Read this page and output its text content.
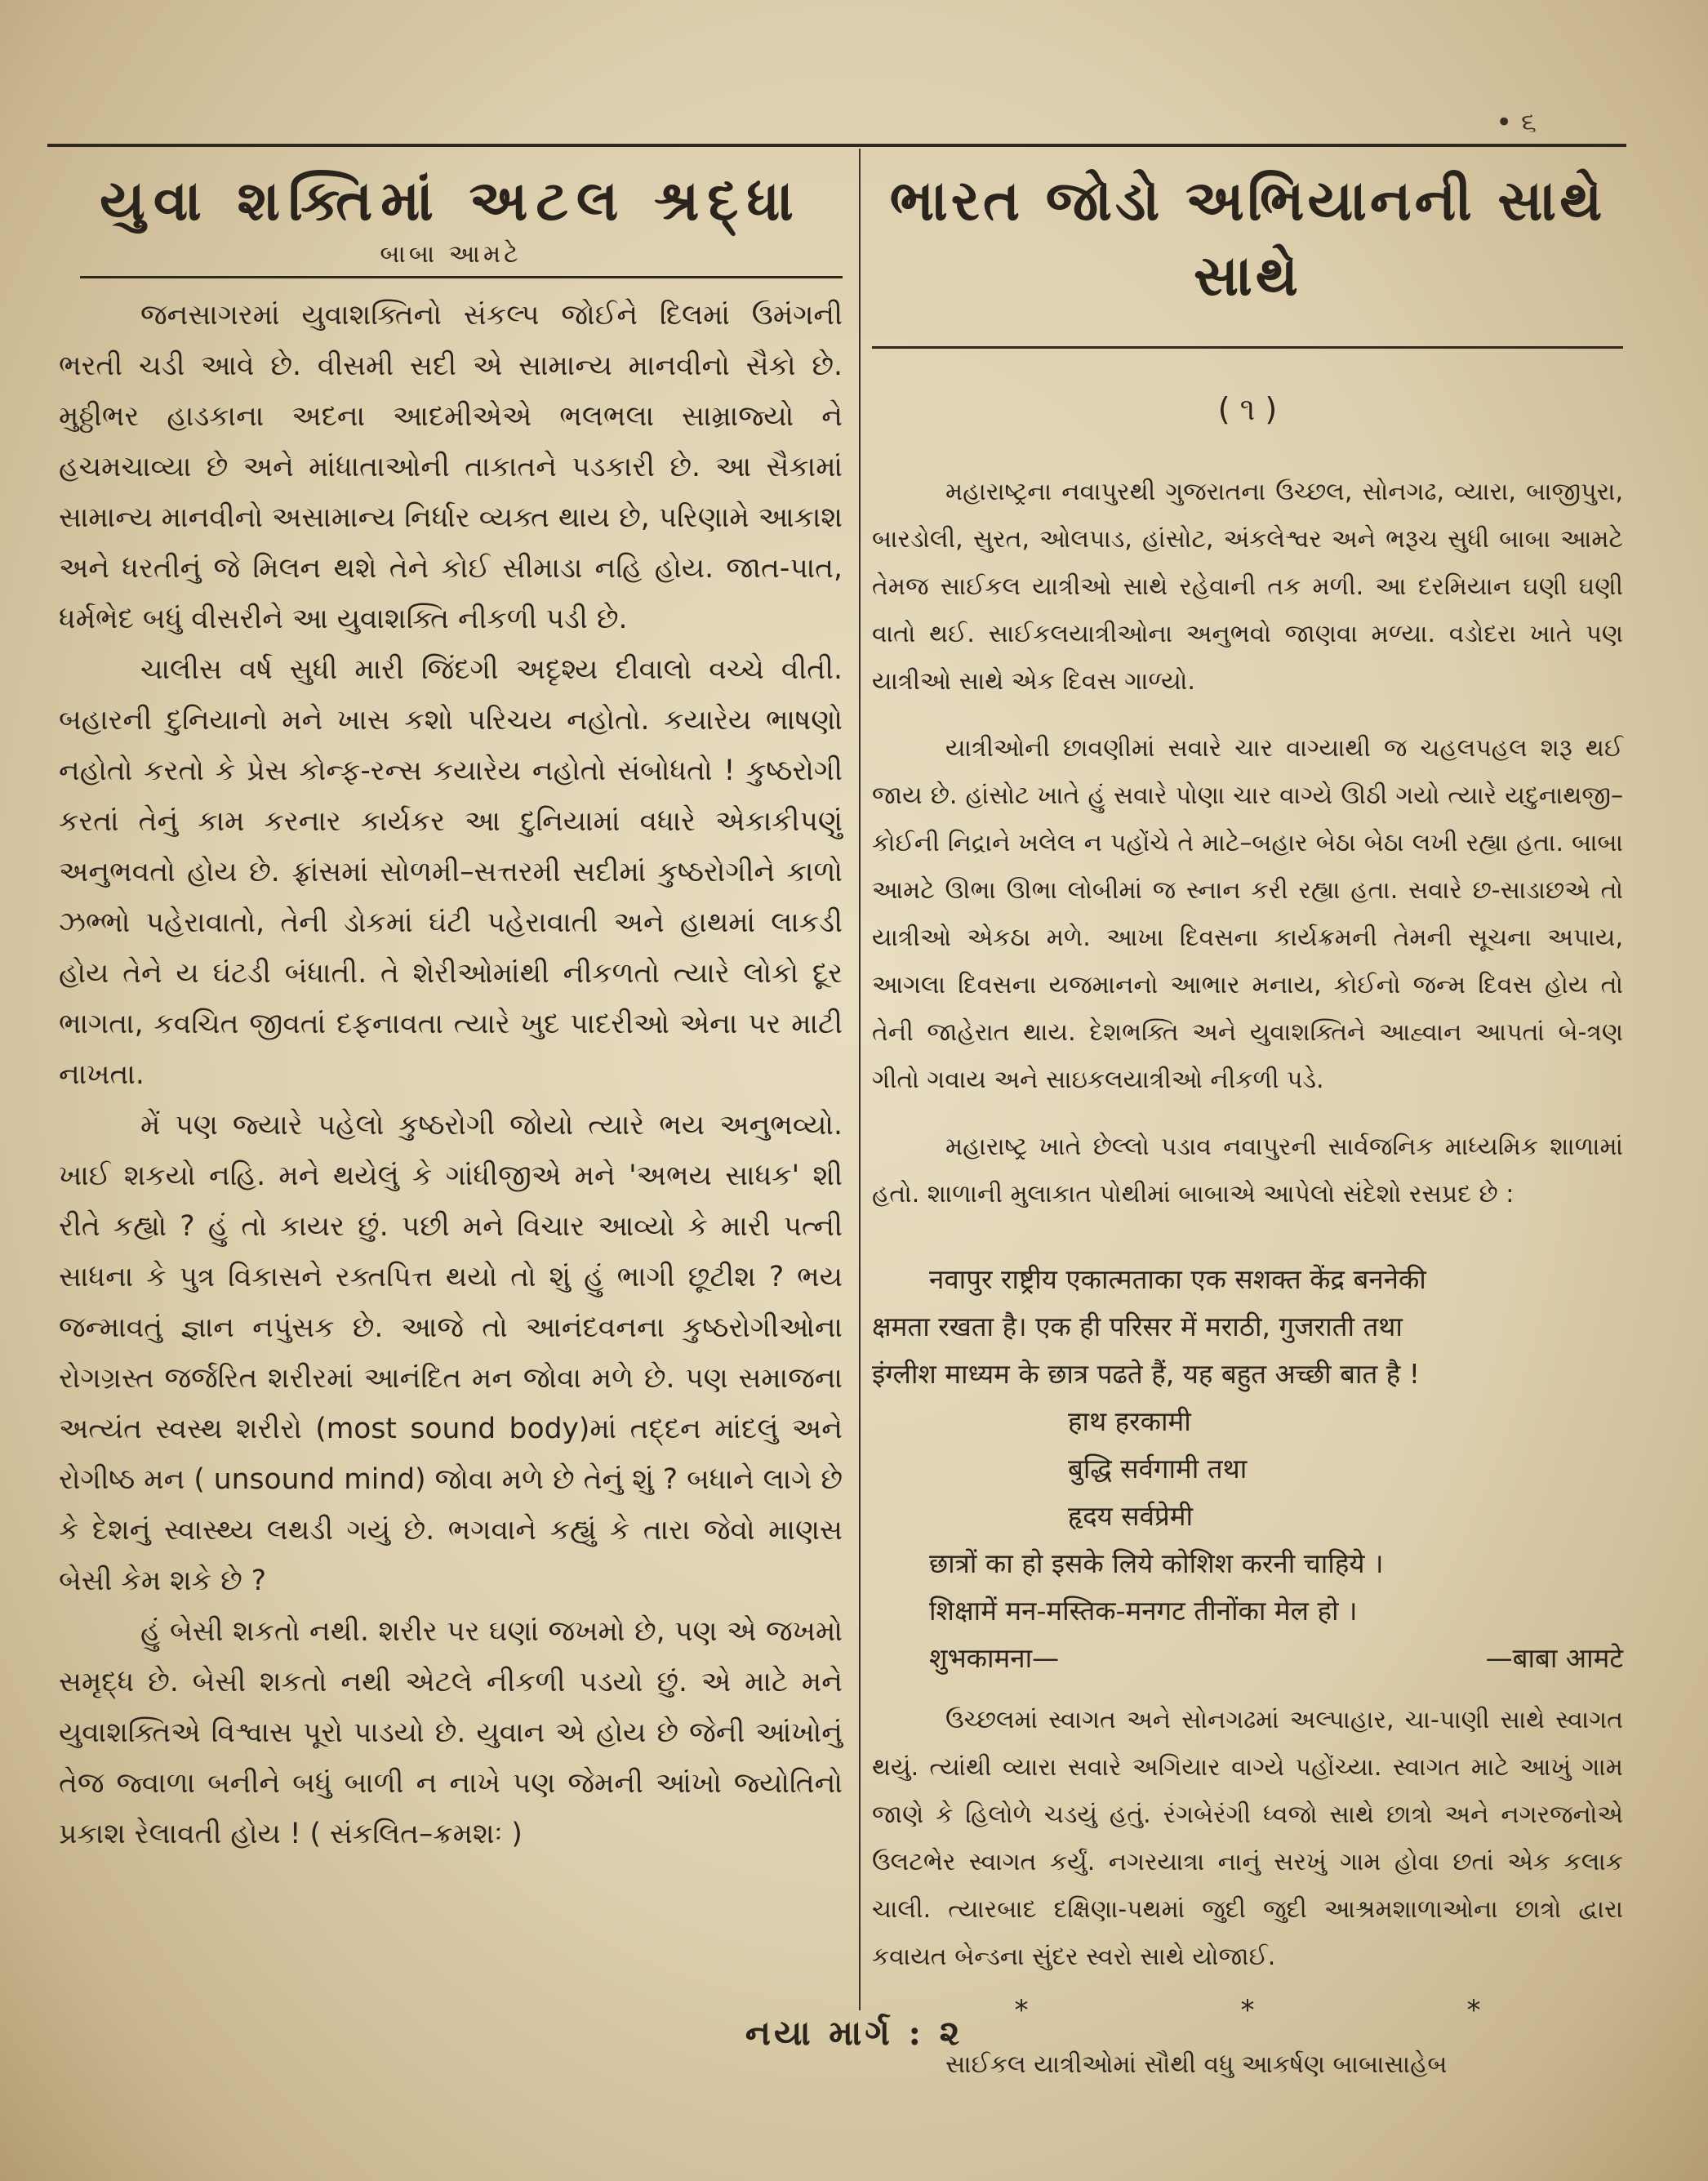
• ૬
યુવા શક્તિમાં અટલ શ્રદ્ધા
બાબા આમટે

જનસાગરમાં યુવાશક્તિનો સંકલ્પ જોઈને દિલમાં ઉમંગની ભરતી ચડી આવે છે. વીસમી સદી એ સામાન્ય માનવીનો સૈકો છે. મુઠ્ઠીભર હાડકાના અદના આદમીએએ ભલભલા સામ્રાજ્યો ને હચમચાવ્યા છે અને માંધાતાઓની તાકાતને પડકારી છે. આ સૈકામાં સામાન્ય માનવીનો અસામાન્ય નિર્ધાર વ્યક્ત થાય છે, પરિણામે આકાશ અને ધરતીનું જે મિલન થશે તેને કોઈ સીમાડા નહિ હોય. જાત-પાત, ધર્મભેદ બધું વીસરીને આ યુવાશક્તિ નીકળી પડી છે.

ચાલીસ વર્ષ સુધી મારી જિંદગી અદૃશ્ય દીવાલો વચ્ચે વીતી. બહારની દુનિયાનો મને ખાસ કશો પરિચય નહોતો. કયારેય ભાષણો નહોતો કરતો કે પ્રેસ કોન્ફ-રન્સ કયારેય નહોતો સંબોધતો ! કુષ્ઠરોગી કરતાં તેનું કામ કરનાર કાર્યકર આ દુનિયામાં વધારે એકાકીપણું અનુભવતો હોય છે. ફ્રાંસમાં સોળમી–સત્તરમી સદીમાં કુષ્ઠરોગીને કાળો ઝભ્ભો પહેરાવાતો, તેની ડોકમાં ઘંટી પહેરાવાતી અને હાથમાં લાકડી હોય તેને ય ઘંટડી બંધાતી. તે શેરીઓમાંથી નીકળતો ત્યારે લોકો દૂર ભાગતા, કવચિત જીવતાં દફનાવતા ત્યારે ખુદ પાદરીઓ એના પર માટી નાખતા.

મેં પણ જ્યારે પહેલો કુષ્ઠરોગી જોયો ત્યારે ભય અનુભવ્યો. ખાઈ શકયો નહિ. મને થયેલું કે ગાંધીજીએ મને 'અભય સાધક' શી રીતે કહ્યો ? હું તો કાયર છું. પછી મને વિચાર આવ્યો કે મારી પત્ની સાધના કે પુત્ર વિકાસને રક્તપિત્ત થયો તો શું હું ભાગી છૂટીશ ? ભય જન્માવતું જ્ઞાન નપુંસક છે. આજે તો આનંદવનના કુષ્ઠરોગીઓના રોગગ્રસ્ત જર્જરિત શરીરમાં આનંદિત મન જોવા મળે છે. પણ સમાજના અત્યંત સ્વસ્થ શરીરો (most sound body)માં તદ્દન માંદલું અને રોગીષ્ઠ મન ( unsound mind) જોવા મળે છે તેનું શું ? બધાને લાગે છે કે દેશનું સ્વાસ્થ્ય લથડી ગયું છે. ભગવાને કહ્યું કે તારા જેવો માણસ બેસી કેમ શકે છે ?

હું બેસી શકતો નથી. શરીર પર ઘણાં જખમો છે, પણ એ જખમો સમૃદ્ધ છે. બેસી શકતો નથી એટલે નીકળી પડયો છું. એ માટે મને યુવાશક્તિએ વિશ્વાસ પૂરો પાડયો છે. યુવાન એ હોય છે જેની આંખોનું તેજ જ્વાળા બનીને બધું બાળી ન નાખે પણ જેમની આંખો જ્યોતિનો પ્રકાશ રેલાવતી હોય ! ( સંકલિત–ક્રમશઃ )

ભારત જોડો અભિયાનની સાથે સાથે
( ૧ )

મહારાષ્ટ્રના નવાપુરથી ગુજરાતના ઉચ્છલ, સોનગઢ, વ્યારા, બાજીપુરા, બારડોલી, સુરત, ઓલપાડ, હાંસોટ, અંકલેશ્વર અને ભરૂચ સુધી બાબા આમટે તેમજ સાઈકલ યાત્રીઓ સાથે રહેવાની તક મળી. આ દરમિયાન ઘણી ઘણી વાતો થઈ. સાઈકલયાત્રીઓના અનુભવો જાણવા મળ્યા. વડોદરા ખાતે પણ યાત્રીઓ સાથે એક દિવસ ગાળ્યો.

યાત્રીઓની છાવણીમાં સવારે ચાર વાગ્યાથી જ ચહલપહલ શરૂ થઈ જાય છે. હાંસોટ ખાતે હું સવારે પોણા ચાર વાગ્યે ઊઠી ગયો ત્યારે યદુનાથજી–કોઈની નિદ્રાને ખલેલ ન પહોંચે તે માટે–બહાર બેઠા બેઠા લખી રહ્યા હતા. બાબા આમટે ઊભા ઊભા લોબીમાં જ સ્નાન કરી રહ્યા હતા. સવારે છ-સાડાછએ તો યાત્રીઓ એકઠા મળે. આખા દિવસના કાર્યક્રમની તેમની સૂચના અપાય, આગલા દિવસના યજમાનનો આભાર મનાય, કોઈનો જન્મ દિવસ હોય તો તેની જાહેરાત થાય. દેશભક્તિ અને યુવાશક્તિને આહ્વાન આપતાં બે-ત્રણ ગીતો ગવાય અને સાઇકલયાત્રીઓ નીકળી પડે.

મહારાષ્ટ્ર ખાતે છેલ્લો પડાવ નવાપુરની સાર્વજનિક માધ્યમિક શાળામાં હતો. શાળાની મુલાકાત પોથીમાં બાબાએ આપેલો સંદેશો રસપ્રદ છે :

नवापुर राष्ट्रीय एकात्मताका एक सशक्त केंद्र बननेकी
क्षमता रखता है। एक ही परिसर में मराठी, गुजराती तथा
इंग्लीश माध्यम के छात्र पढते हैं, यह बहुत अच्छी बात है !
हाथ हरकामी
बुद्धि सर्वगामी तथा
हृदय सर्वप्रेमी
छात्रों का हो इसके लिये कोशिश करनी चाहिये ।
शिक्षामें मन-मस्तिक-मनगट तीनोंका मेल हो ।
शुभकामना—	—बाबा आमटे

ઉચ્છલમાં સ્વાગત અને સોનગઢમાં અલ્પાહાર, ચા-પાણી સાથે સ્વાગત થયું. ત્યાંથી વ્યારા સવારે અગિયાર વાગ્યે પહોંચ્યા. સ્વાગત માટે આખું ગામ જાણે કે હિલોળે ચડયું હતું. રંગબેરંગી ધ્વજો સાથે છાત્રો અને નગરજનોએ ઉલટભેર સ્વાગત કર્યું. નગરયાત્રા નાનું સરખું ગામ હોવા છતાં એક કલાક ચાલી. ત્યારબાદ દક્ષિણા-પથમાં જુદી જુદી આશ્રમશાળાઓના છાત્રો દ્વારા કવાયત બેન્ડના સુંદર સ્વરો સાથે યોજાઈ.

*	*	*

સાઈકલ યાત્રીઓમાં સૌથી વધુ આકર્ષણ બાબાસાહેબ

નયા માર્ગ : ૨
